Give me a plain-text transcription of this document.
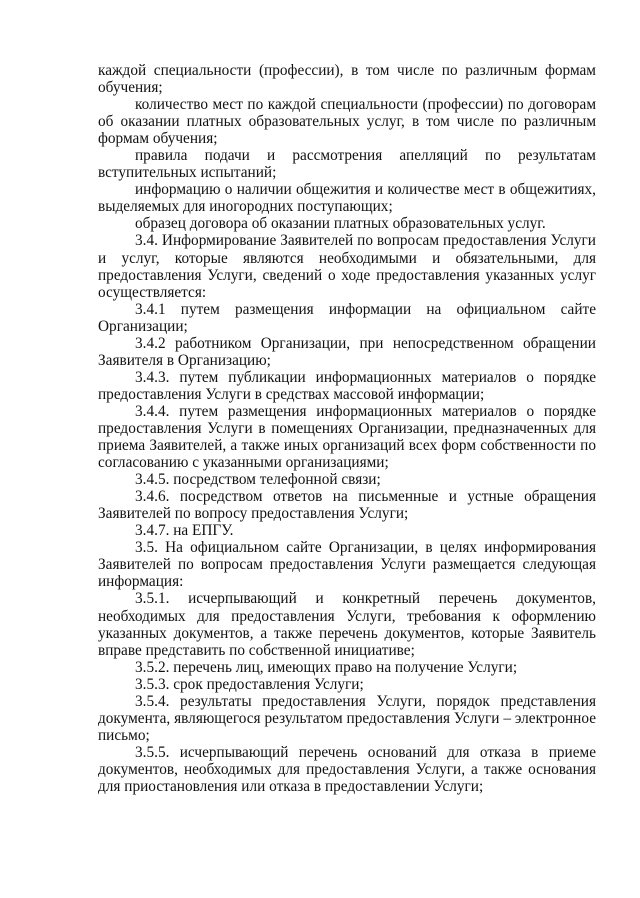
каждой специальности (профессии), в том числе по различным формам обучения;

количество мест по каждой специальности (профессии) по договорам об оказании платных образовательных услуг, в том числе по различным формам обучения;

правила подачи и рассмотрения апелляций по результатам вступительных испытаний;

информацию о наличии общежития и количестве мест в общежитиях, выделяемых для иногородних поступающих;

образец договора об оказании платных образовательных услуг.

3.4. Информирование Заявителей по вопросам предоставления Услуги и услуг, которые являются необходимыми и обязательными, для предоставления Услуги, сведений о ходе предоставления указанных услуг осуществляется:

3.4.1 путем размещения информации на официальном сайте Организации;

3.4.2 работником Организации, при непосредственном обращении Заявителя в Организацию;

3.4.3. путем публикации информационных материалов о порядке предоставления Услуги в средствах массовой информации;

3.4.4. путем размещения информационных материалов о порядке предоставления Услуги в помещениях Организации, предназначенных для приема Заявителей, а также иных организаций всех форм собственности по согласованию с указанными организациями;

3.4.5. посредством телефонной связи;

3.4.6. посредством ответов на письменные и устные обращения Заявителей по вопросу предоставления Услуги;

3.4.7. на ЕПГУ.

3.5. На официальном сайте Организации, в целях информирования Заявителей по вопросам предоставления Услуги размещается следующая информация:

3.5.1. исчерпывающий и конкретный перечень документов, необходимых для предоставления Услуги, требования к оформлению указанных документов, а также перечень документов, которые Заявитель вправе представить по собственной инициативе;

3.5.2. перечень лиц, имеющих право на получение Услуги;

3.5.3. срок предоставления Услуги;

3.5.4. результаты предоставления Услуги, порядок представления документа, являющегося результатом предоставления Услуги – электронное письмо;

3.5.5. исчерпывающий перечень оснований для отказа в приеме документов, необходимых для предоставления Услуги, а также основания для приостановления или отказа в предоставлении Услуги;
